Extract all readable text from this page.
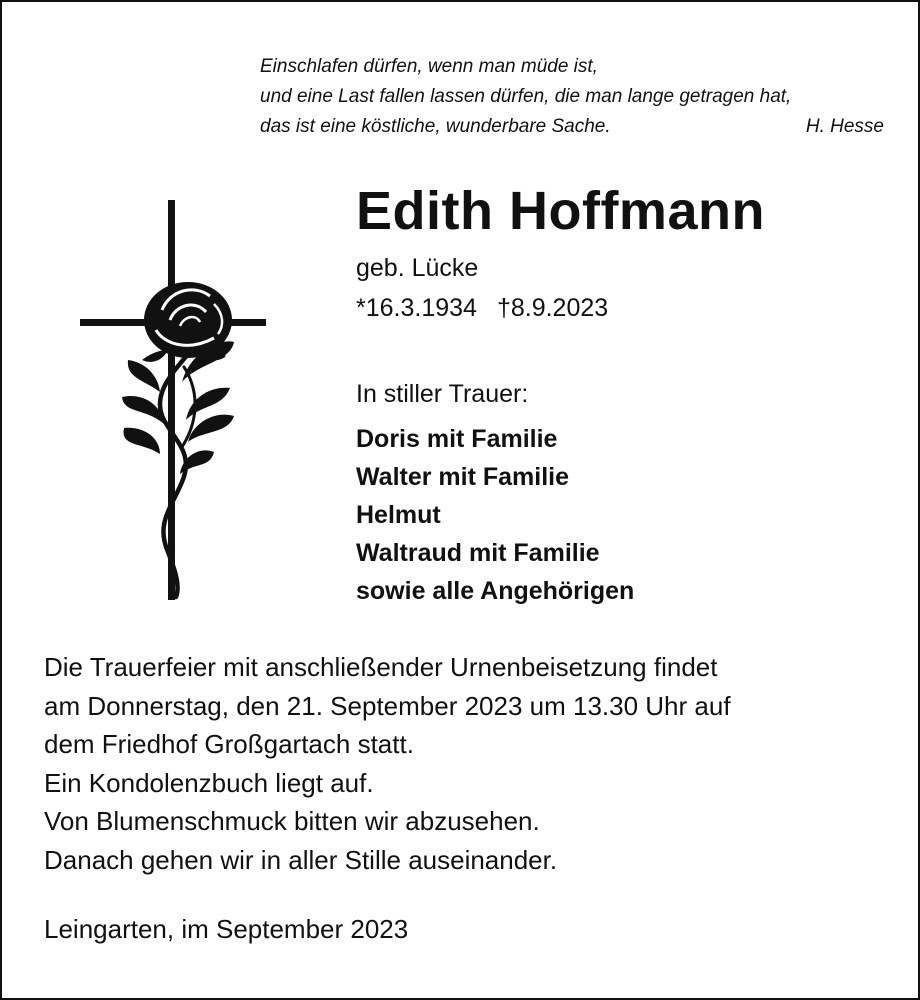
Einschlafen dürfen, wenn man müde ist,
und eine Last fallen lassen dürfen, die man lange getragen hat,
das ist eine köstliche, wunderbare Sache.	H. Hesse
Edith Hoffmann
geb. Lücke
*16.3.1934 †8.9.2023
In stiller Trauer:
Doris mit Familie
Walter mit Familie
Helmut
Waltraud mit Familie
sowie alle Angehörigen
Die Trauerfeier mit anschließender Urnenbeisetzung findet
am Donnerstag, den 21. September 2023 um 13.30 Uhr auf
dem Friedhof Großgartach statt.
Ein Kondolenzbuch liegt auf.
Von Blumenschmuck bitten wir abzusehen.
Danach gehen wir in aller Stille auseinander.
Leingarten, im September 2023
